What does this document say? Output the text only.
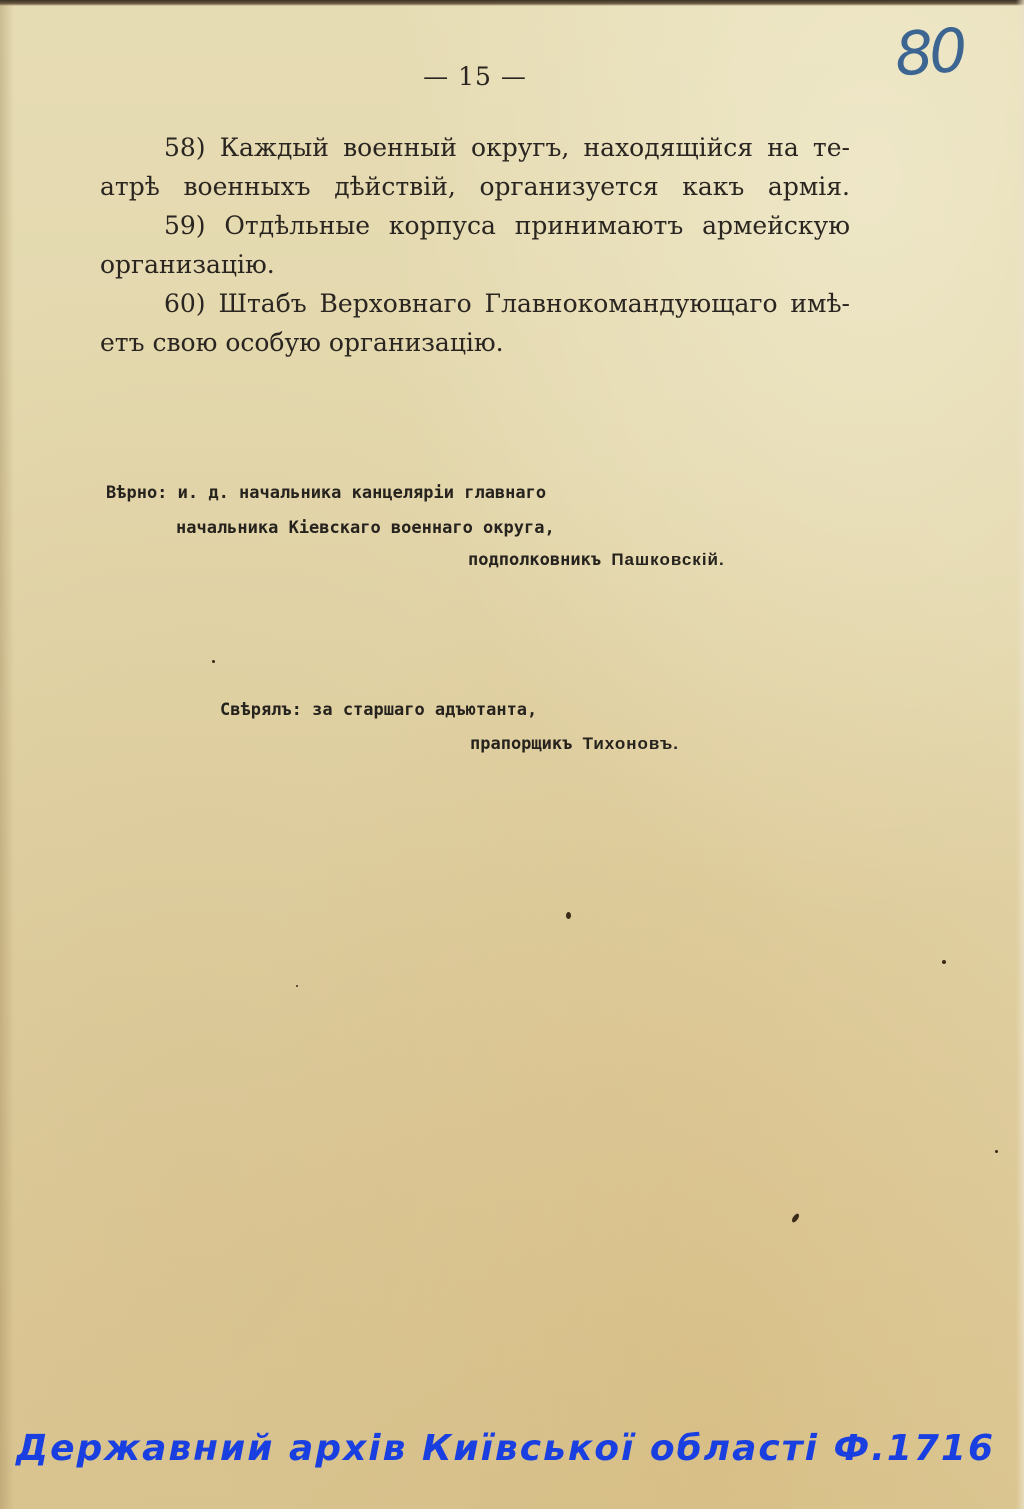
— 15 —	80
58) Каждый военный округъ, находящійся на те-
атрѣ военныхъ дѣйствій, организуется какъ армія.
59) Отдѣльные корпуса принимаютъ армейскую
организацію.
60) Штабъ Верховнаго Главнокомандующаго имѣ-
етъ свою особую организацію.
Вѣрно: и. д. начальника канцеляріи главнаго
начальника Кіевскаго военнаго округа,
подполковникъ Пашковскій.
Свѣрялъ: за старшаго адъютанта,
прапорщикъ Тихоновъ.
Державний архів Київської області Ф.1716
